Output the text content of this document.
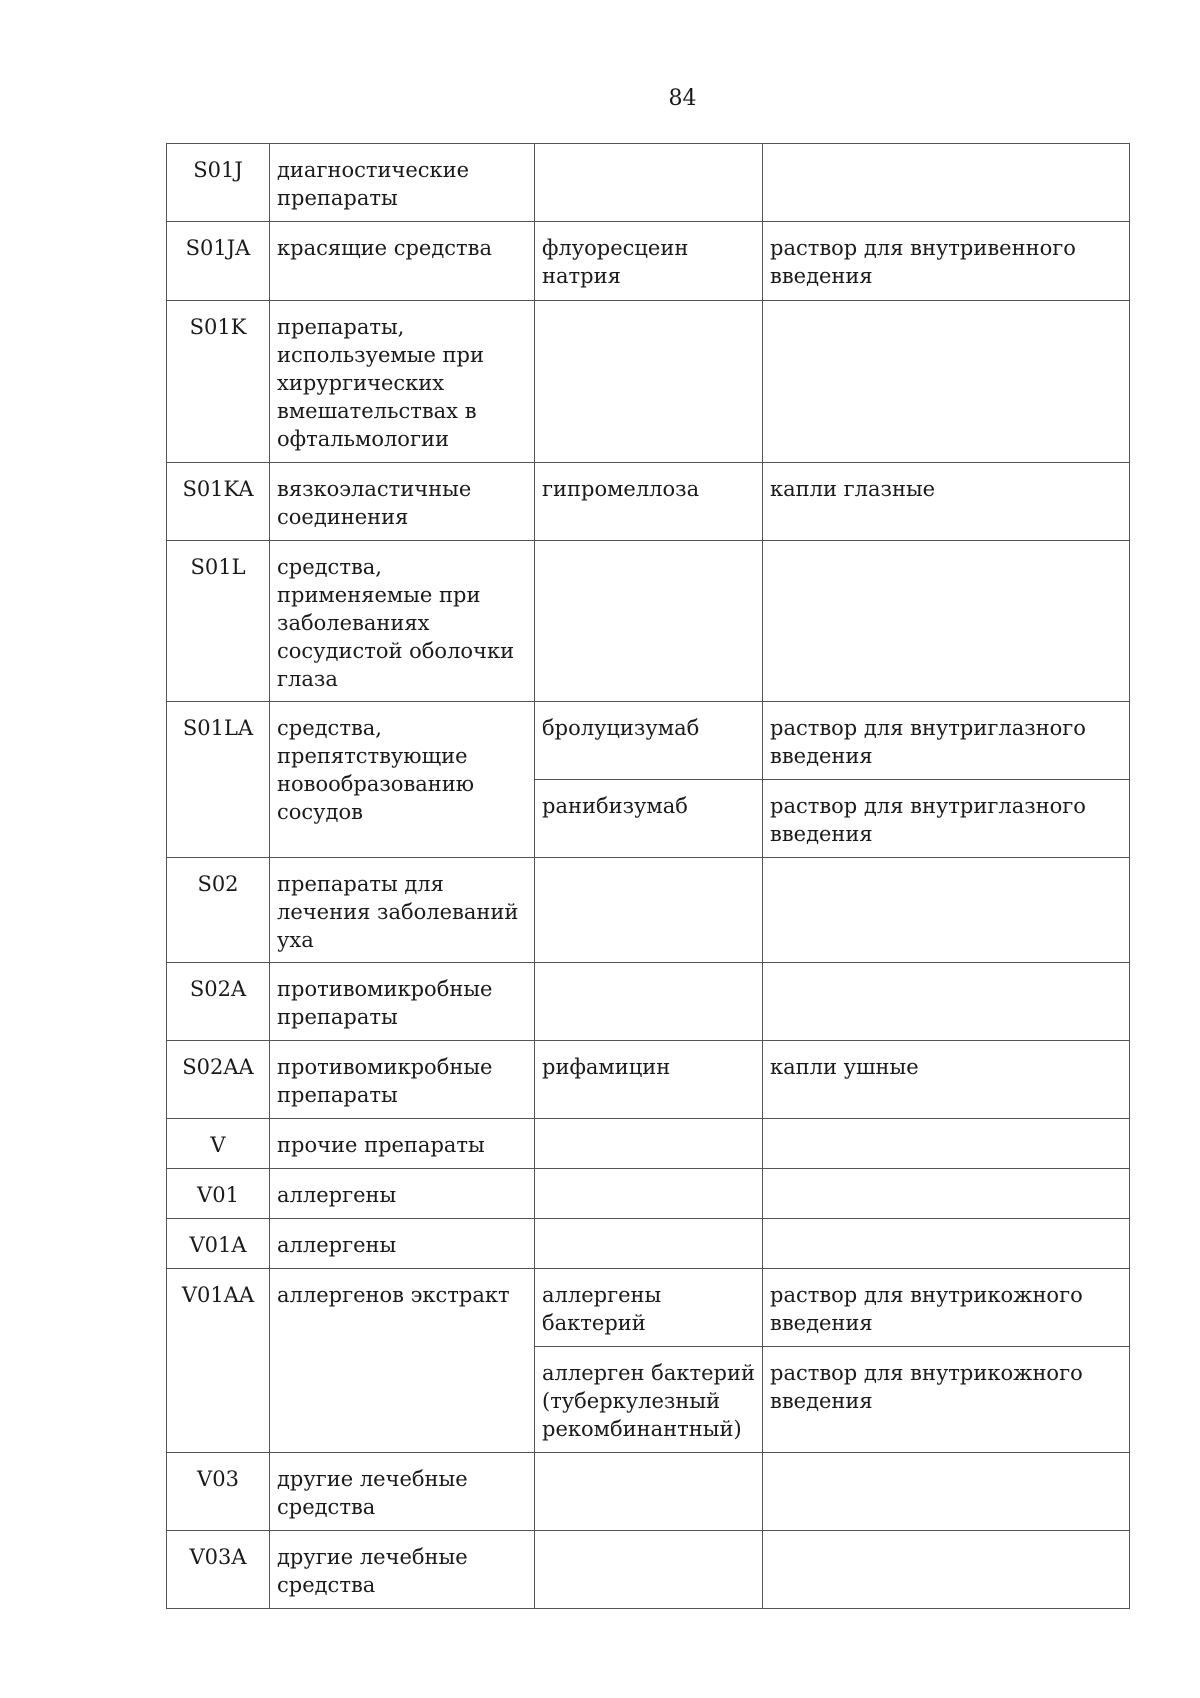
84
S01J	диагностические препараты		
S01JA	красящие средства	флуоресцеин натрия	раствор для внутривенного введения
S01K	препараты, используемые при хирургических вмешательствах в офтальмологии		
S01KA	вязкоэластичные соединения	гипромеллоза	капли глазные
S01L	средства, применяемые при заболеваниях сосудистой оболочки глаза		
S01LA	средства, препятствующие новообразованию сосудов	бролуцизумаб	раствор для внутриглазного введения
		ранибизумаб	раствор для внутриглазного введения
S02	препараты для лечения заболеваний уха		
S02A	противомикробные препараты		
S02AA	противомикробные препараты	рифамицин	капли ушные
V	прочие препараты		
V01	аллергены		
V01A	аллергены		
V01AA	аллергенов экстракт	аллергены бактерий	раствор для внутрикожного введения
		аллерген бактерий (туберкулезный рекомбинантный)	раствор для внутрикожного введения
V03	другие лечебные средства		
V03A	другие лечебные средства		
